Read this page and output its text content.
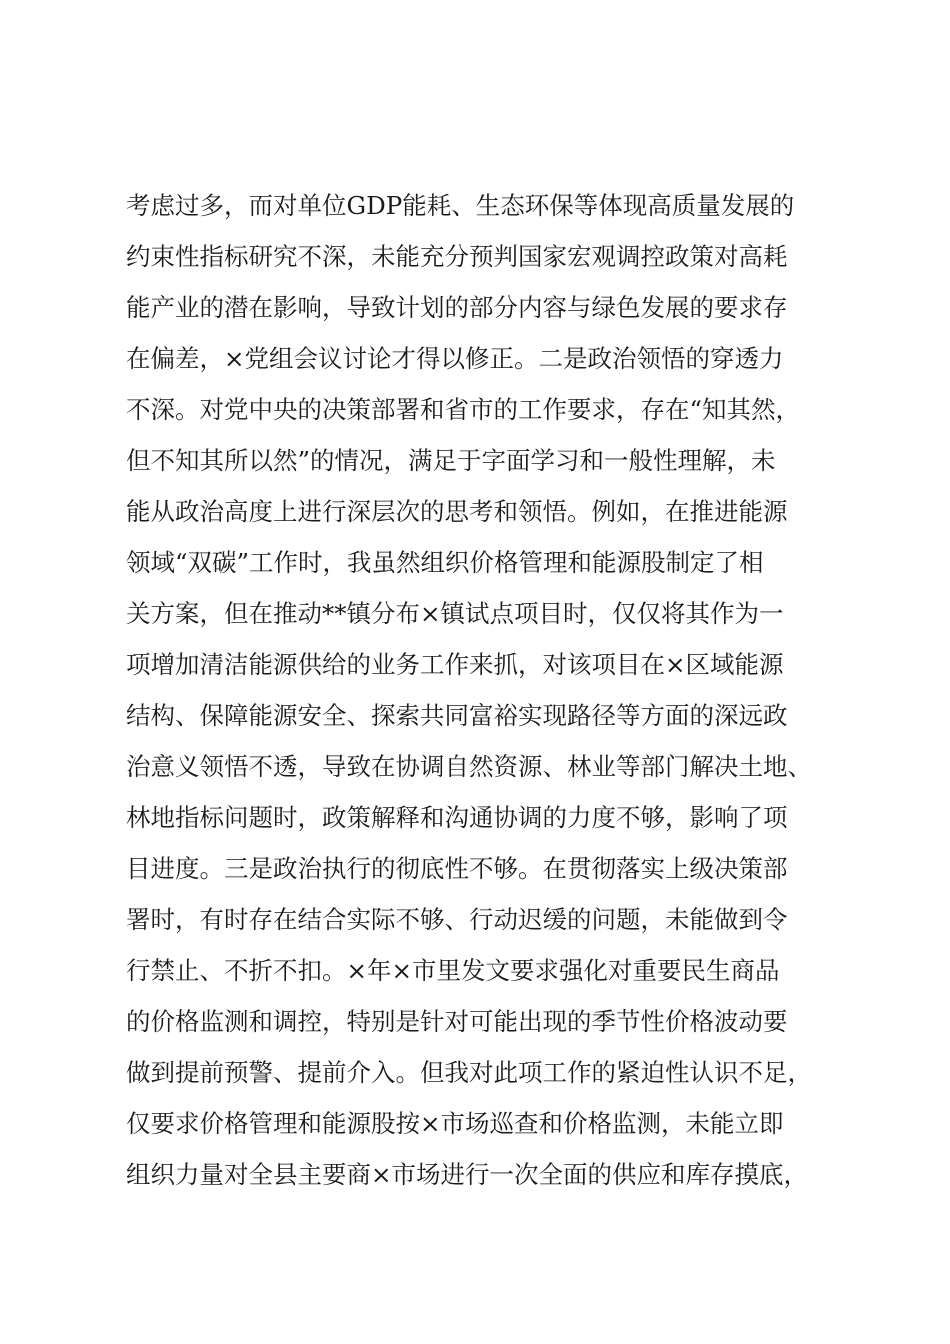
考虑过多，而对单位GDP能耗、生态环保等体现高质量发展的
约束性指标研究不深，未能充分预判国家宏观调控政策对高耗
能产业的潜在影响，导致计划的部分内容与绿色发展的要求存
在偏差，×党组会议讨论才得以修正。二是政治领悟的穿透力
不深。对党中央的决策部署和省市的工作要求，存在“知其然，
但不知其所以然”的情况，满足于字面学习和一般性理解，未
能从政治高度上进行深层次的思考和领悟。例如，在推进能源
领域“双碳”工作时，我虽然组织价格管理和能源股制定了相
关方案，但在推动**镇分布×镇试点项目时，仅仅将其作为一
项增加清洁能源供给的业务工作来抓，对该项目在×区域能源
结构、保障能源安全、探索共同富裕实现路径等方面的深远政
治意义领悟不透，导致在协调自然资源、林业等部门解决土地、
林地指标问题时，政策解释和沟通协调的力度不够，影响了项
目进度。三是政治执行的彻底性不够。在贯彻落实上级决策部
署时，有时存在结合实际不够、行动迟缓的问题，未能做到令
行禁止、不折不扣。×年×市里发文要求强化对重要民生商品
的价格监测和调控，特别是针对可能出现的季节性价格波动要
做到提前预警、提前介入。但我对此项工作的紧迫性认识不足，
仅要求价格管理和能源股按×市场巡查和价格监测，未能立即
组织力量对全县主要商×市场进行一次全面的供应和库存摸底，
